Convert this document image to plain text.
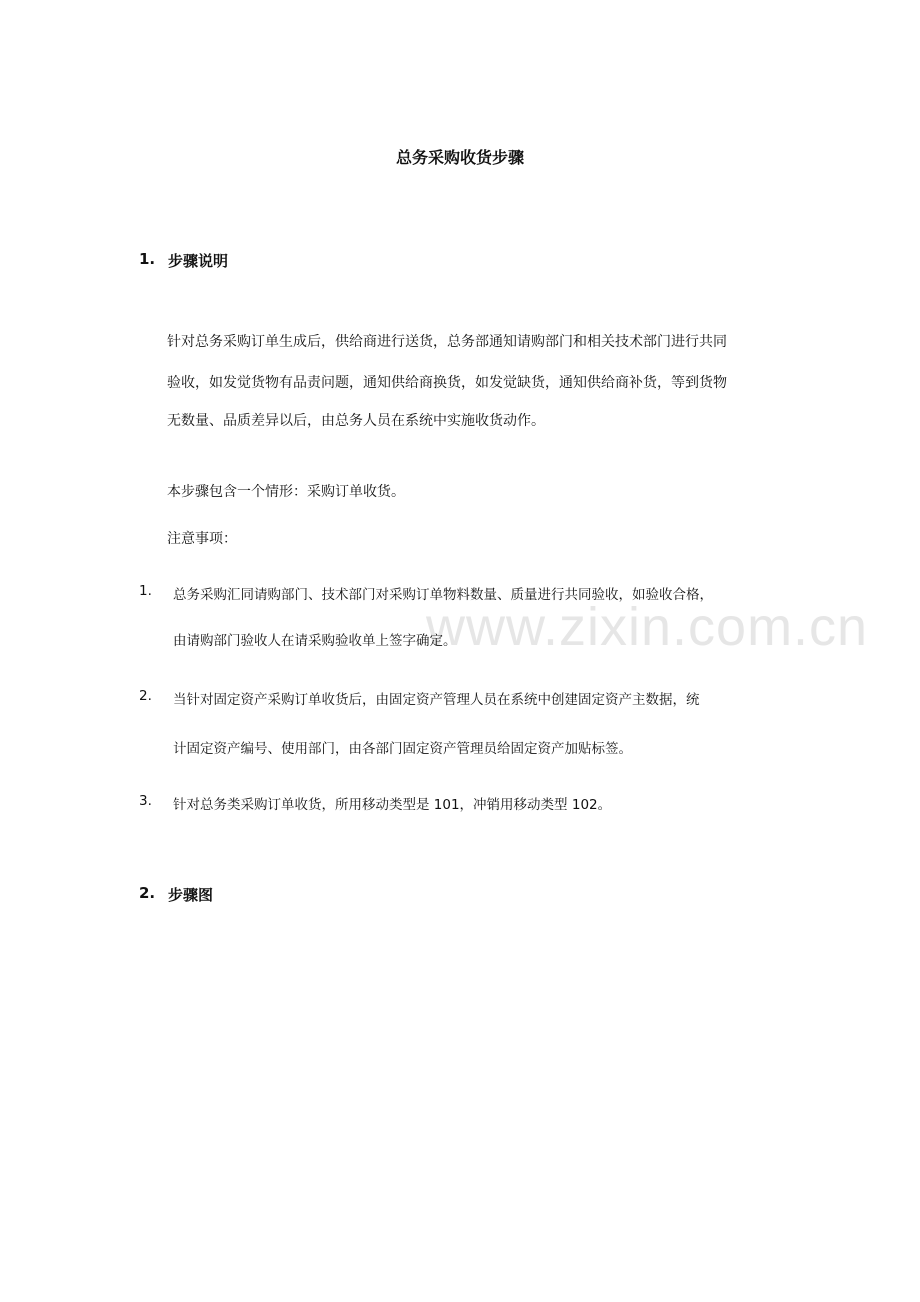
www.zixin.com.cn
总务采购收货步骤
1. 步骤说明
针对总务采购订单生成后，供给商进行送货，总务部通知请购部门和相关技术部门进行共同
验收，如发觉货物有品责问题，通知供给商换货，如发觉缺货，通知供给商补货，等到货物
无数量、品质差异以后，由总务人员在系统中实施收货动作。
本步骤包含一个情形：采购订单收货。
注意事项：
1. 总务采购汇同请购部门、技术部门对采购订单物料数量、质量进行共同验收，如验收合格，
由请购部门验收人在请采购验收单上签字确定。
2. 当针对固定资产采购订单收货后，由固定资产管理人员在系统中创建固定资产主数据，统
计固定资产编号、使用部门，由各部门固定资产管理员给固定资产加贴标签。
3. 针对总务类采购订单收货，所用移动类型是 101，冲销用移动类型 102。
2. 步骤图
